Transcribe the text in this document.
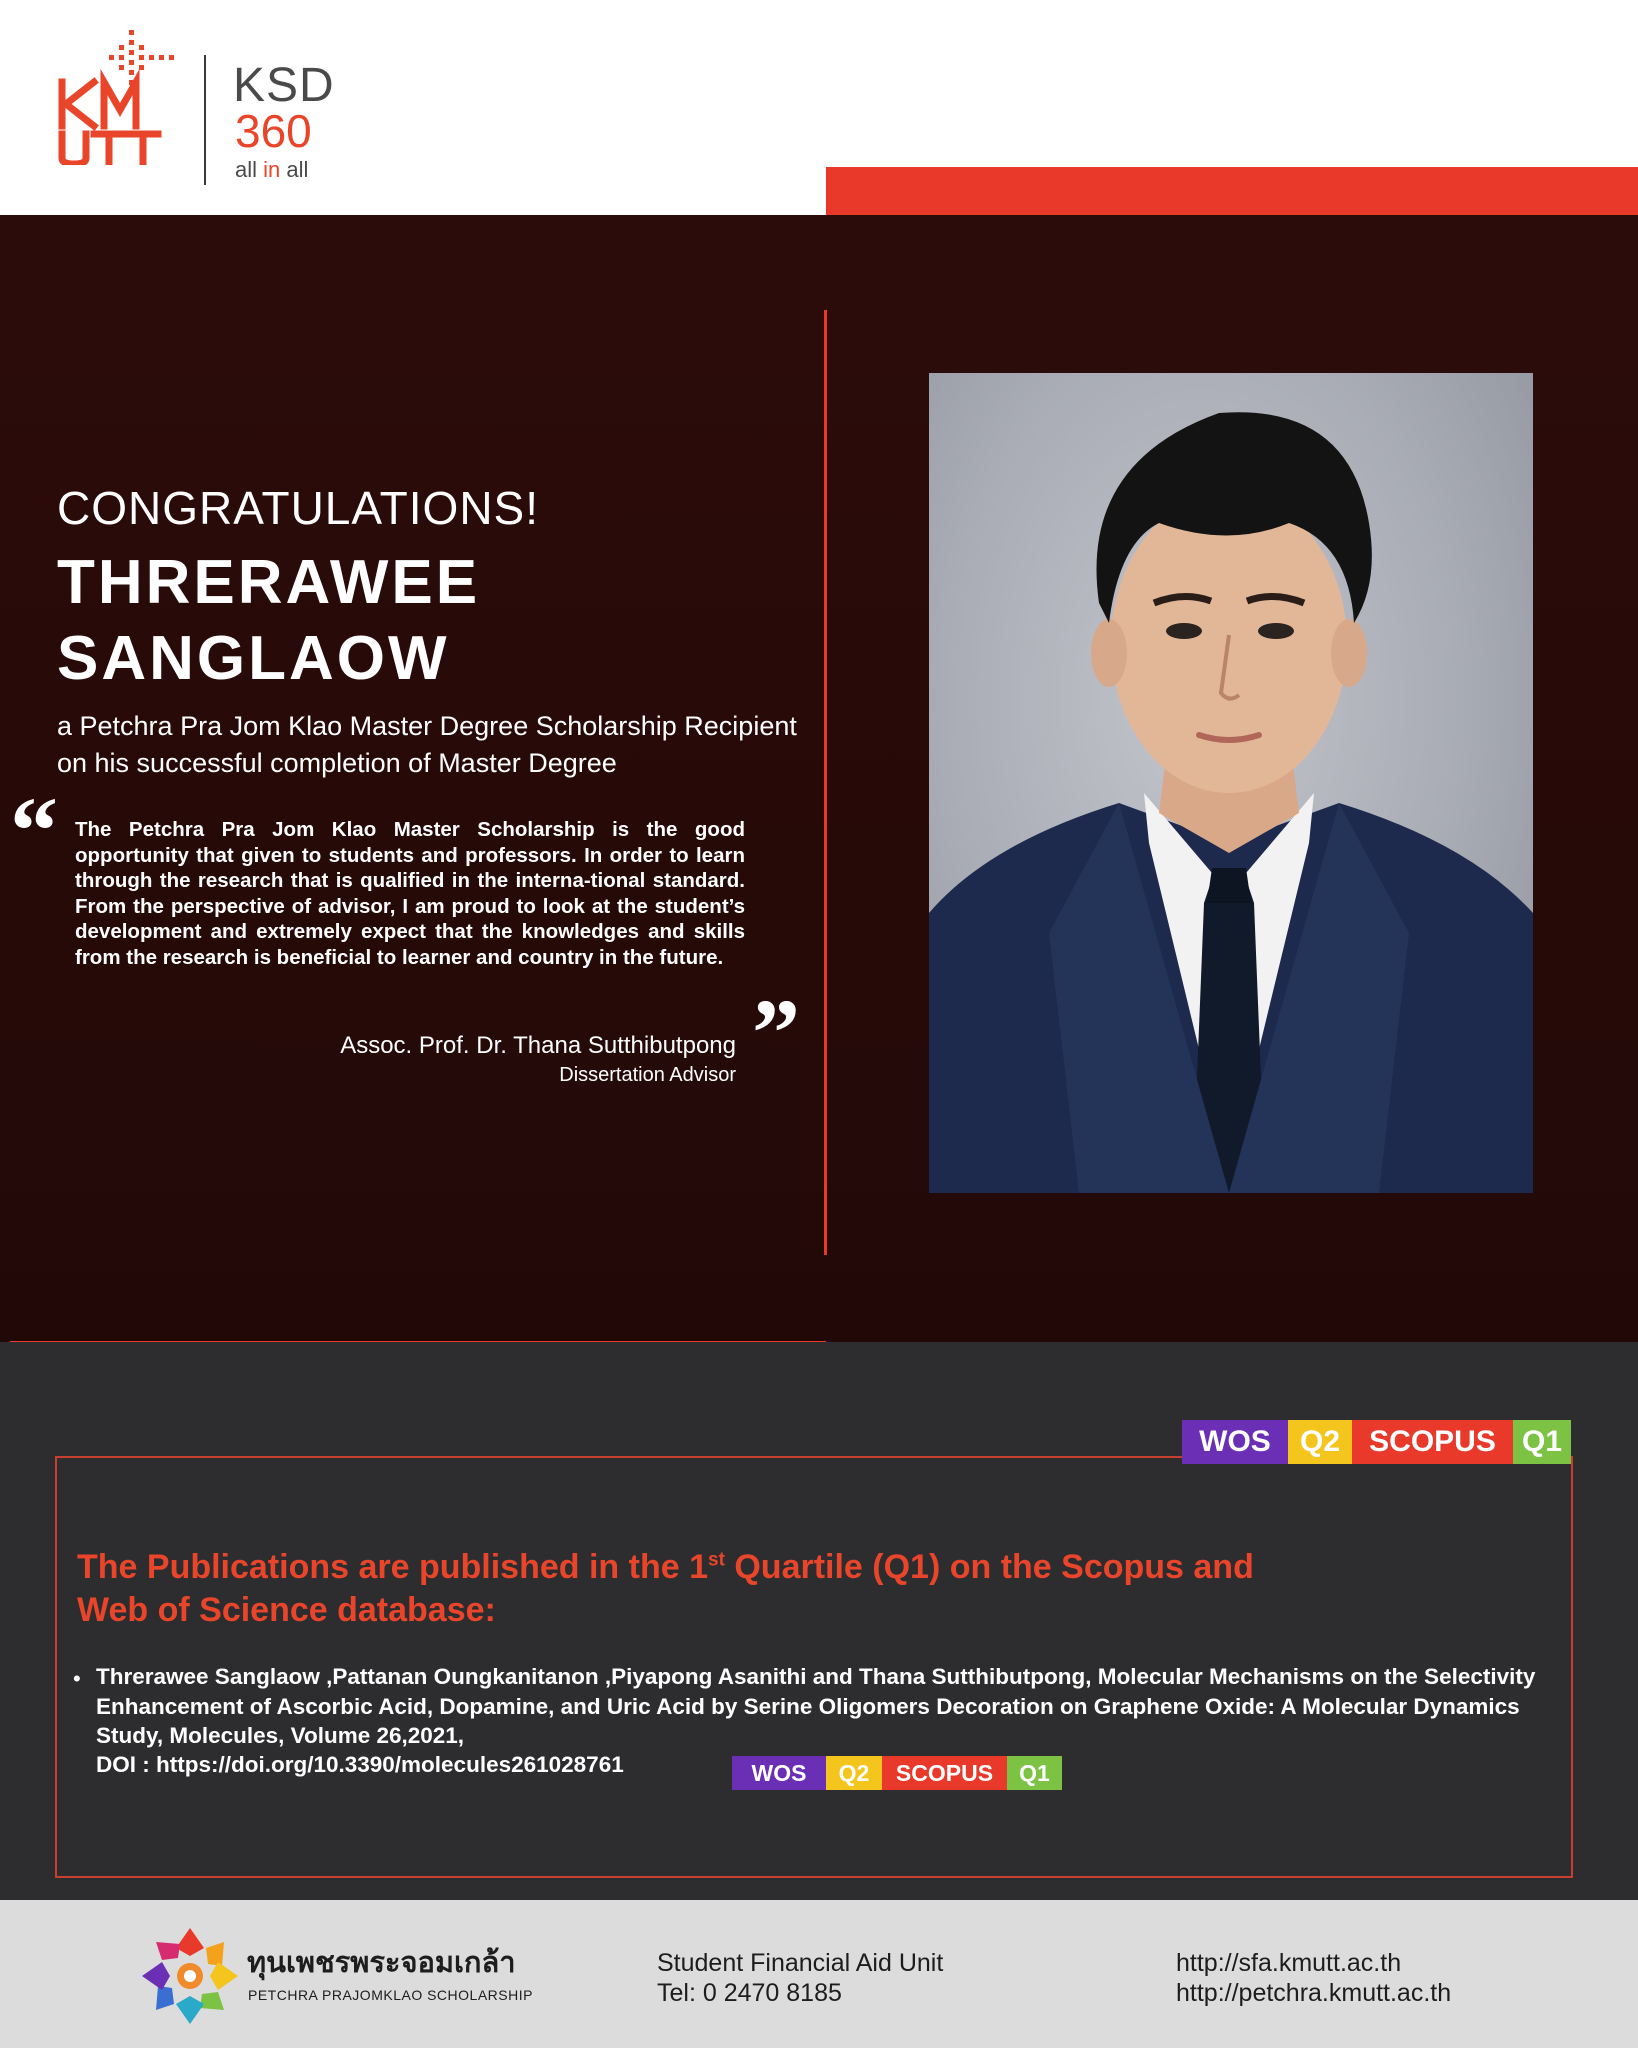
KSD
360
all in all
CONGRATULATIONS!
THRERAWEE SANGLAOW
a Petchra Pra Jom Klao Master Degree Scholarship Recipient on his successful completion of Master Degree
“ The Petchra Pra Jom Klao Master Scholarship is the good opportunity that given to students and professors. In order to learn through the research that is qualified in the interna-tional standard. From the perspective of advisor, I am proud to look at the student’s development and extremely expect that the knowledges and skills from the research is beneficial to learner and country in the future.
”
Assoc. Prof. Dr. Thana Sutthibutpong
Dissertation Advisor
WOS Q2 SCOPUS Q1
The Publications are published in the 1st Quartile (Q1) on the Scopus and Web of Science database:
• Threrawee Sanglaow ,Pattanan Oungkanitanon ,Piyapong Asanithi and Thana Sutthibutpong, Molecular Mechanisms on the Selectivity Enhancement of Ascorbic Acid, Dopamine, and Uric Acid by Serine Oligomers Decoration on Graphene Oxide: A Molecular Dynamics Study, Molecules, Volume 26,2021,
DOI : https://doi.org/10.3390/molecules261028761	WOS	Q2	SCOPUS	Q1
ทุนเพชรพระจอมเกล้า
PETCHRA PRAJOMKLAO SCHOLARSHIP
Student Financial Aid Unit
Tel: 0 2470 8185
http://sfa.kmutt.ac.th
http://petchra.kmutt.ac.th
